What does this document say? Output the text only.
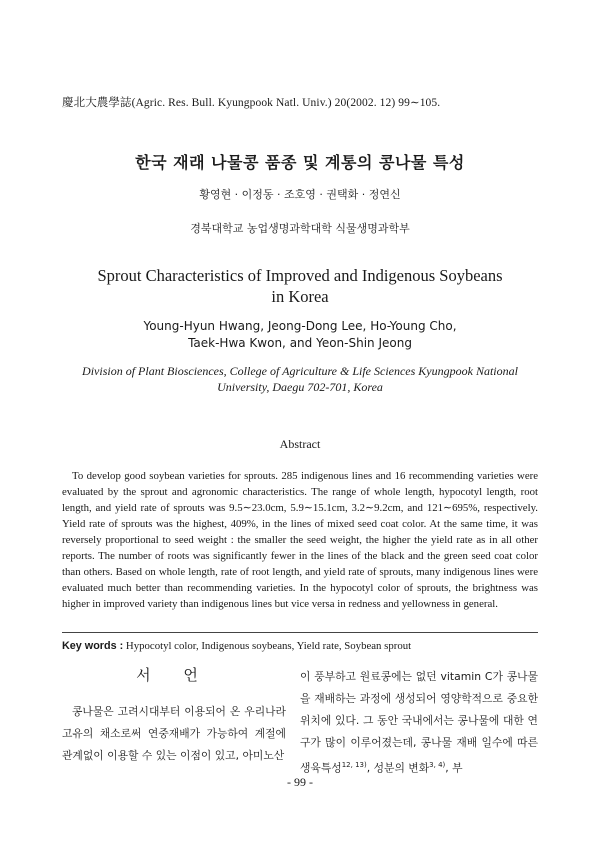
慶北大農學誌(Agric. Res. Bull. Kyungpook Natl. Univ.) 20(2002. 12) 99∼105.
한국 재래 나물콩 품종 및 계통의 콩나물 특성
황영현 · 이정동 · 조호영 · 권택화 · 정연신
경북대학교 농업생명과학대학 식물생명과학부
Sprout Characteristics of Improved and Indigenous Soybeans
in Korea
Young-Hyun Hwang, Jeong-Dong Lee, Ho-Young Cho,
Taek-Hwa Kwon, and Yeon-Shin Jeong
Division of Plant Biosciences, College of Agriculture & Life Sciences Kyungpook National
University, Daegu 702-701, Korea
Abstract

To develop good soybean varieties for sprouts. 285 indigenous lines and 16 recommending varieties were evaluated by the sprout and agronomic characteristics. The range of whole length, hypocotyl length, root length, and yield rate of sprouts was 9.5∼23.0cm, 5.9∼15.1cm, 3.2∼9.2cm, and 121∼695%, respectively. Yield rate of sprouts was the highest, 409%, in the lines of mixed seed coat color. At the same time, it was reversely proportional to seed weight : the smaller the seed weight, the higher the yield rate as in all other reports. The number of roots was significantly fewer in the lines of the black and the green seed coat color than others. Based on whole length, rate of root length, and yield rate of sprouts, many indigenous lines were evaluated much better than recommending varieties. In the hypocotyl color of sprouts, the brightness was higher in improved variety than indigenous lines but vice versa in redness and yellowness in general.

Key words : Hypocotyl color, Indigenous soybeans, Yield rate, Soybean sprout
서 언

콩나물은 고려시대부터 이용되어 온 우리나라 고유의 채소로써 연중재배가 가능하여 계절에 관계없이 이용할 수 있는 이점이 있고, 아미노산

이 풍부하고 원료콩에는 없던 vitamin C가 콩나물을 재배하는 과정에 생성되어 영양학적으로 중요한 위치에 있다. 그 동안 국내에서는 콩나물에 대한 연구가 많이 이루어졌는데, 콩나물 재배 일수에 따른 생육특성$^{12, 13)}$, 성분의 변화$^{3, 4)}$, 부

- 99 -
